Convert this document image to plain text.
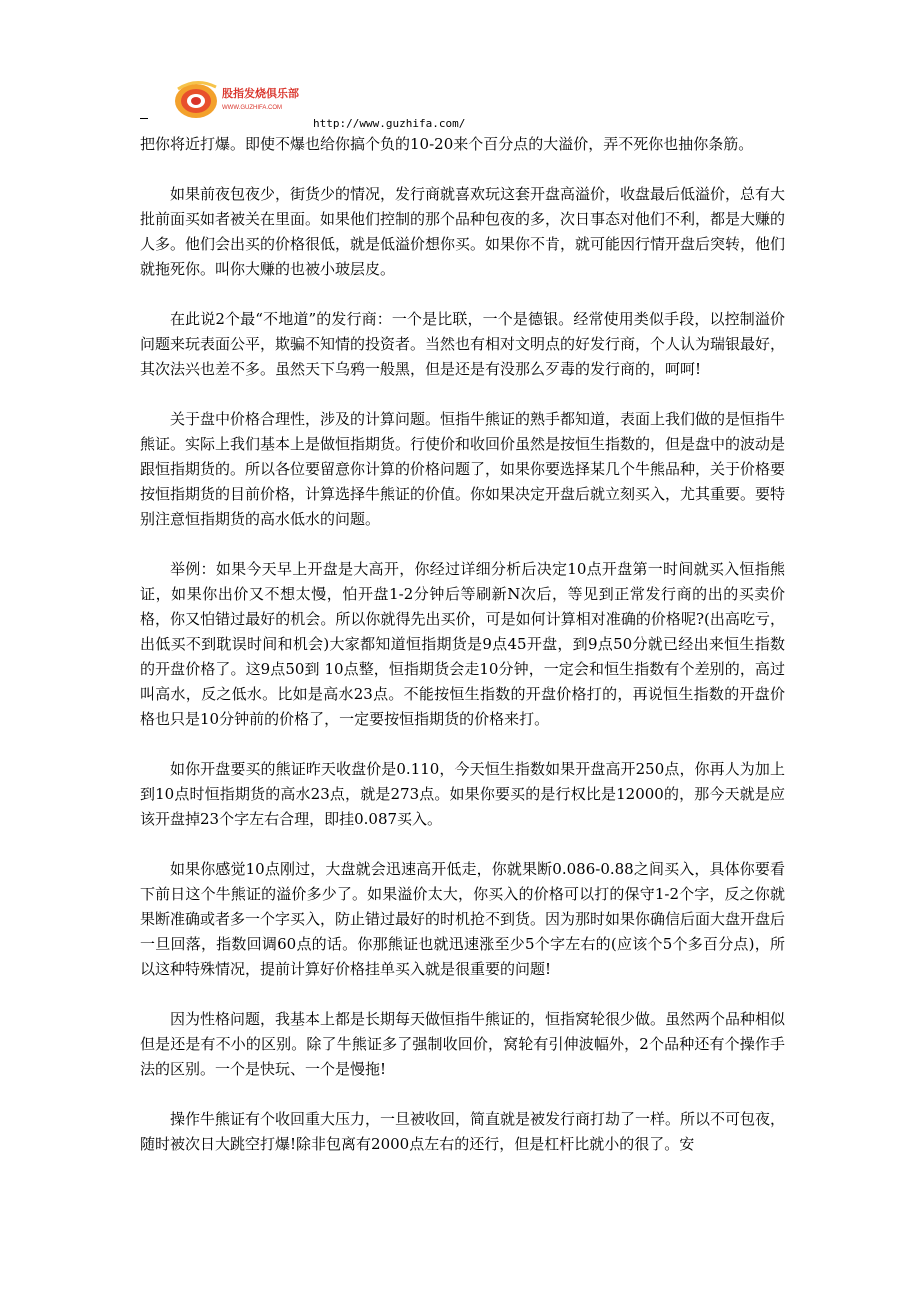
股指发烧俱乐部
WWW.GUZHIFA.COM
http://www.guzhifa.com/

把你将近打爆。即使不爆也给你搞个负的10-20来个百分点的大溢价，弄不死你也抽你条筋。

如果前夜包夜少，街货少的情况，发行商就喜欢玩这套开盘高溢价，收盘最后低溢价，总有大批前面买如者被关在里面。如果他们控制的那个品种包夜的多，次日事态对他们不利，都是大赚的人多。他们会出买的价格很低，就是低溢价想你买。如果你不肯，就可能因行情开盘后突转，他们就拖死你。叫你大赚的也被小玻层皮。

在此说2个最“不地道”的发行商：一个是比联，一个是德银。经常使用类似手段，以控制溢价问题来玩表面公平，欺骗不知情的投资者。当然也有相对文明点的好发行商，个人认为瑞银最好，其次法兴也差不多。虽然天下乌鸦一般黑，但是还是有没那么歹毒的发行商的，呵呵!

关于盘中价格合理性，涉及的计算问题。恒指牛熊证的熟手都知道，表面上我们做的是恒指牛熊证。实际上我们基本上是做恒指期货。行使价和收回价虽然是按恒生指数的，但是盘中的波动是跟恒指期货的。所以各位要留意你计算的价格问题了，如果你要选择某几个牛熊品种，关于价格要按恒指期货的目前价格，计算选择牛熊证的价值。你如果决定开盘后就立刻买入，尤其重要。要特别注意恒指期货的高水低水的问题。

举例：如果今天早上开盘是大高开，你经过详细分析后决定10点开盘第一时间就买入恒指熊证，如果你出价又不想太慢，怕开盘1-2分钟后等刷新N次后，等见到正常发行商的出的买卖价格，你又怕错过最好的机会。所以你就得先出买价，可是如何计算相对准确的价格呢?(出高吃亏，出低买不到耽误时间和机会)大家都知道恒指期货是9点45开盘，到9点50分就已经出来恒生指数的开盘价格了。这9点50到 10点整，恒指期货会走10分钟，一定会和恒生指数有个差别的，高过叫高水，反之低水。比如是高水23点。不能按恒生指数的开盘价格打的，再说恒生指数的开盘价格也只是10分钟前的价格了，一定要按恒指期货的价格来打。

如你开盘要买的熊证昨天收盘价是0.110，今天恒生指数如果开盘高开250点，你再人为加上到10点时恒指期货的高水23点，就是273点。如果你要买的是行权比是12000的，那今天就是应该开盘掉23个字左右合理，即挂0.087买入。

如果你感觉10点刚过，大盘就会迅速高开低走，你就果断0.086-0.88之间买入，具体你要看下前日这个牛熊证的溢价多少了。如果溢价太大，你买入的价格可以打的保守1-2个字，反之你就果断准确或者多一个字买入，防止错过最好的时机抢不到货。因为那时如果你确信后面大盘开盘后一旦回落，指数回调60点的话。你那熊证也就迅速涨至少5个字左右的(应该个5个多百分点)，所以这种特殊情况，提前计算好价格挂单买入就是很重要的问题!

因为性格问题，我基本上都是长期每天做恒指牛熊证的，恒指窝轮很少做。虽然两个品种相似但是还是有不小的区别。除了牛熊证多了强制收回价，窝轮有引伸波幅外，2个品种还有个操作手法的区别。一个是快玩、一个是慢拖!

操作牛熊证有个收回重大压力，一旦被收回，简直就是被发行商打劫了一样。所以不可包夜，随时被次日大跳空打爆!除非包离有2000点左右的还行，但是杠杆比就小的很了。安
